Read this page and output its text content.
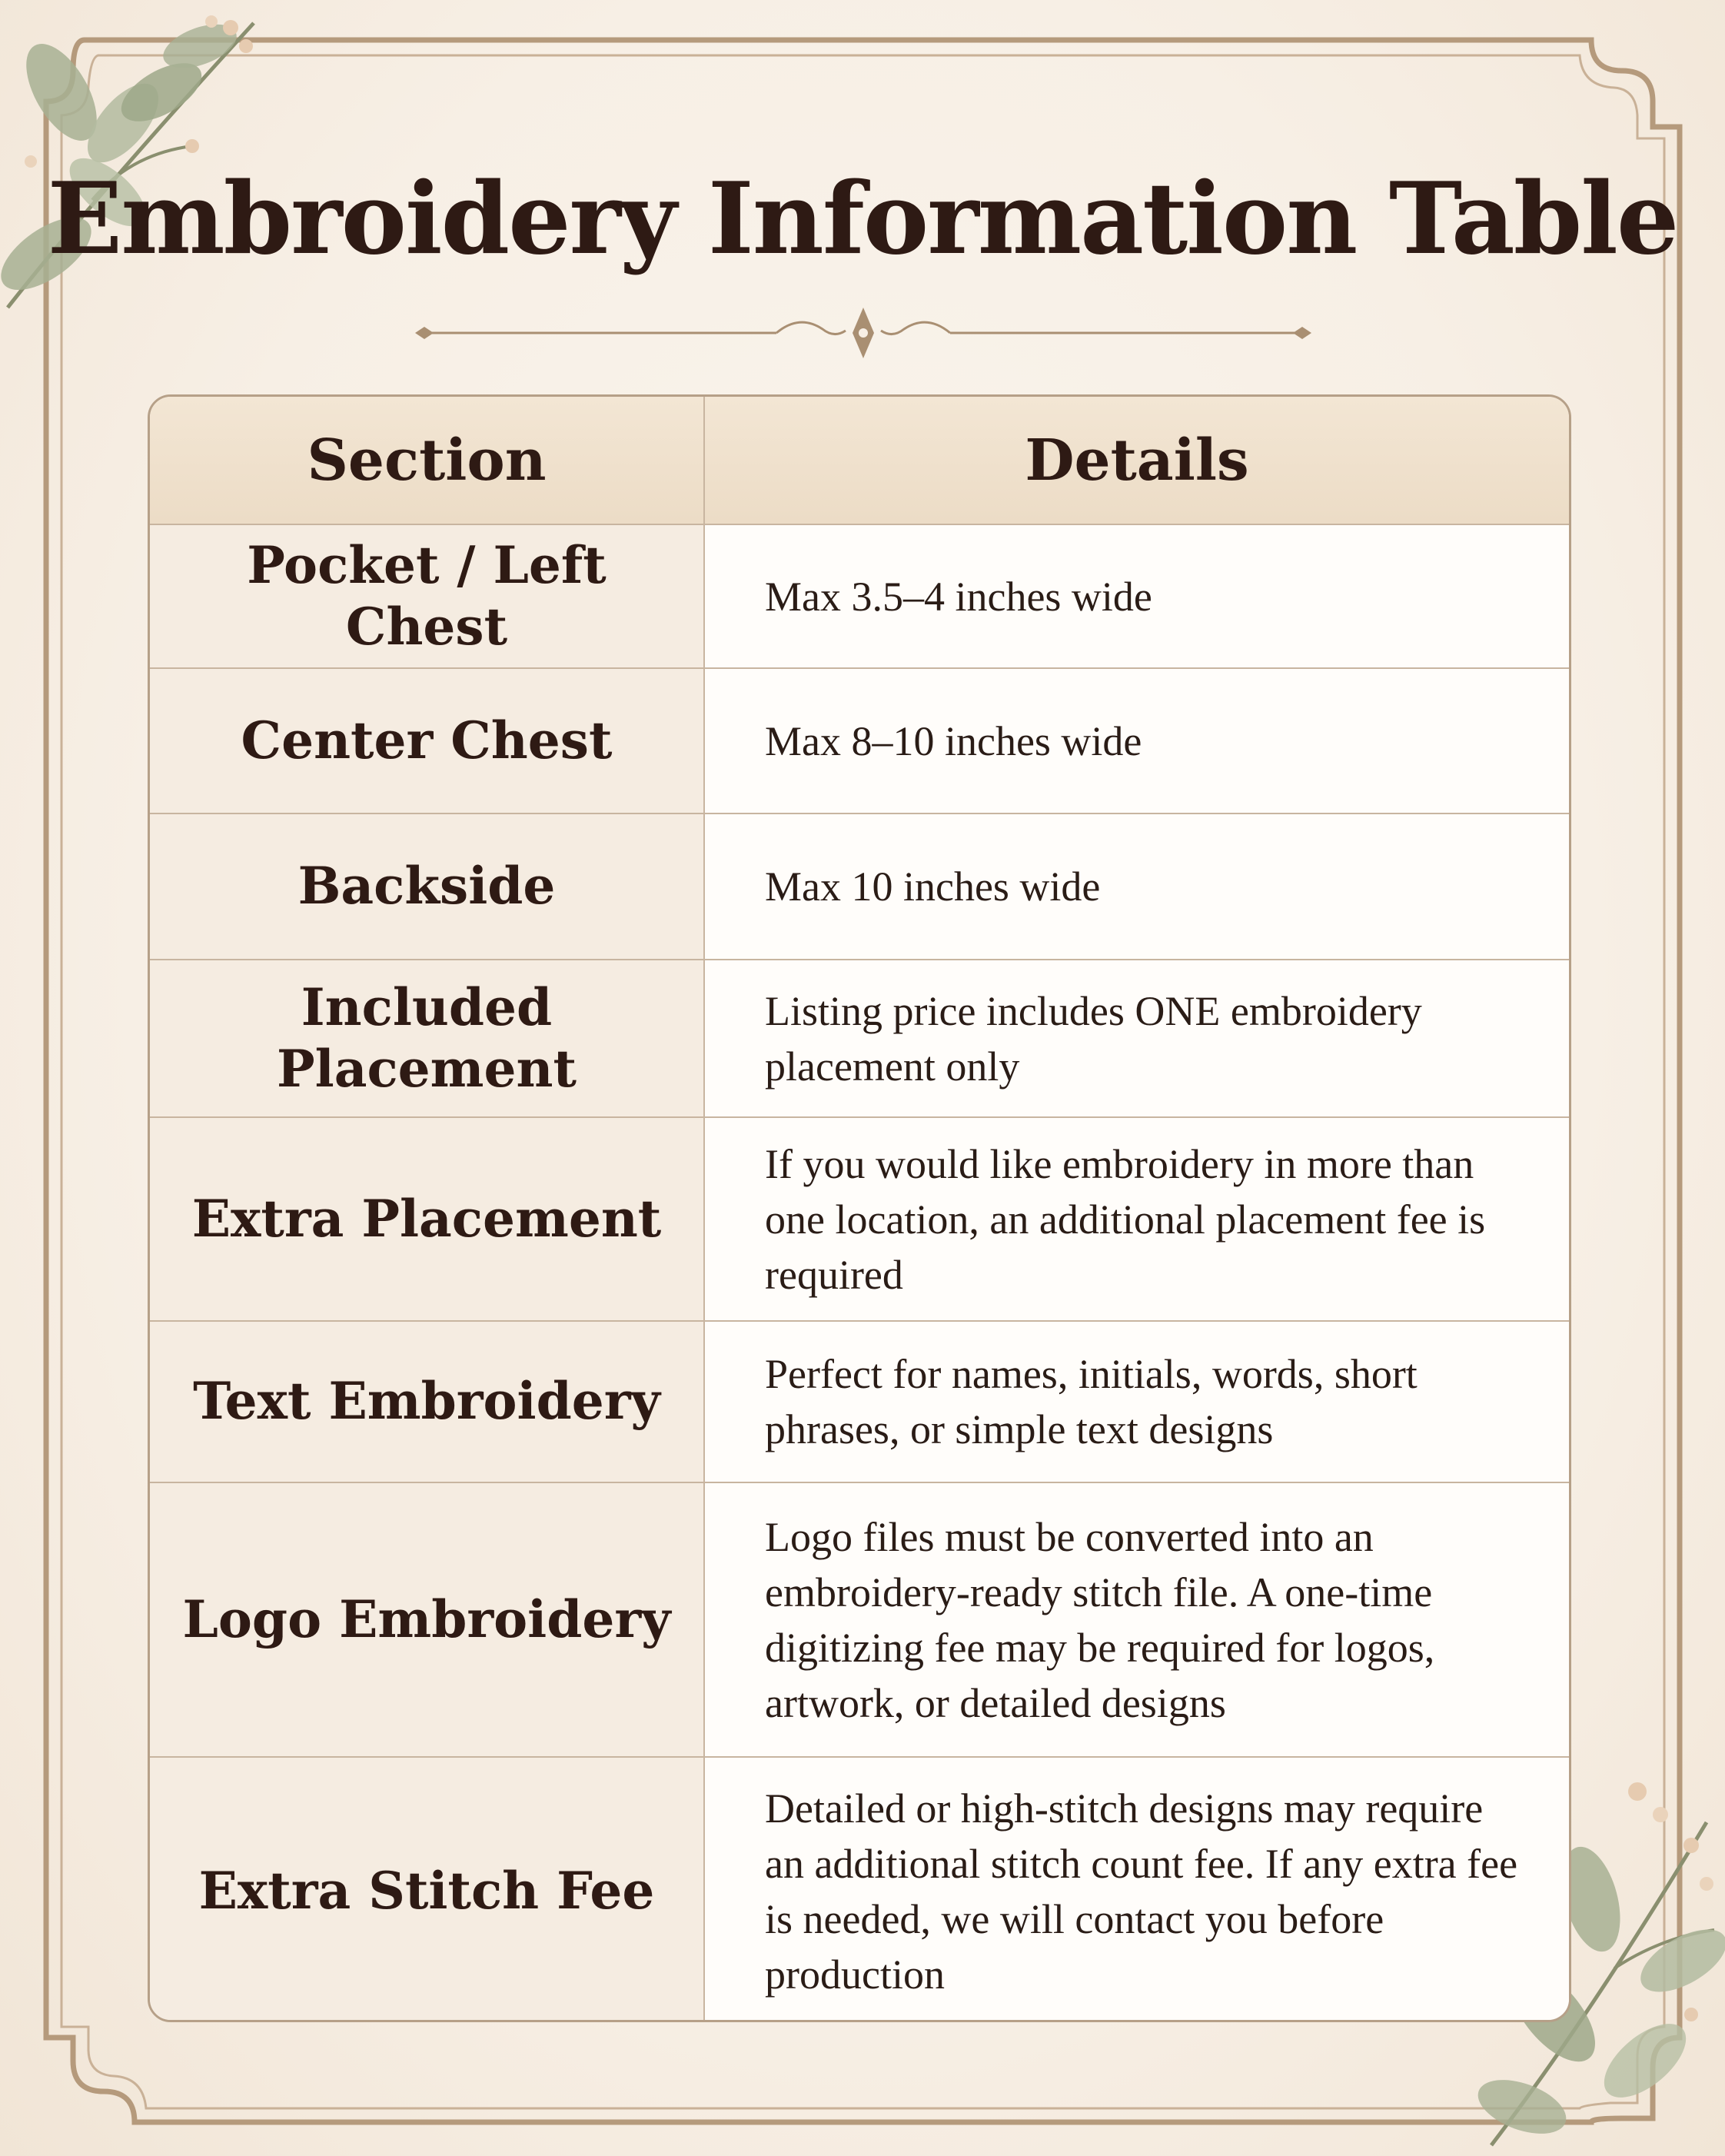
Embroidery Information Table
Section	Details
Pocket / Left Chest	Max 3.5–4 inches wide
Center Chest	Max 8–10 inches wide
Backside	Max 10 inches wide
Included Placement	Listing price includes ONE embroidery placement only
Extra Placement	If you would like embroidery in more than one location, an additional placement fee is required
Text Embroidery	Perfect for names, initials, words, short phrases, or simple text designs
Logo Embroidery	Logo files must be converted into an embroidery-ready stitch file. A one-time digitizing fee may be required for logos, artwork, or detailed designs
Extra Stitch Fee	Detailed or high-stitch designs may require an additional stitch count fee. If any extra fee is needed, we will contact you before production
